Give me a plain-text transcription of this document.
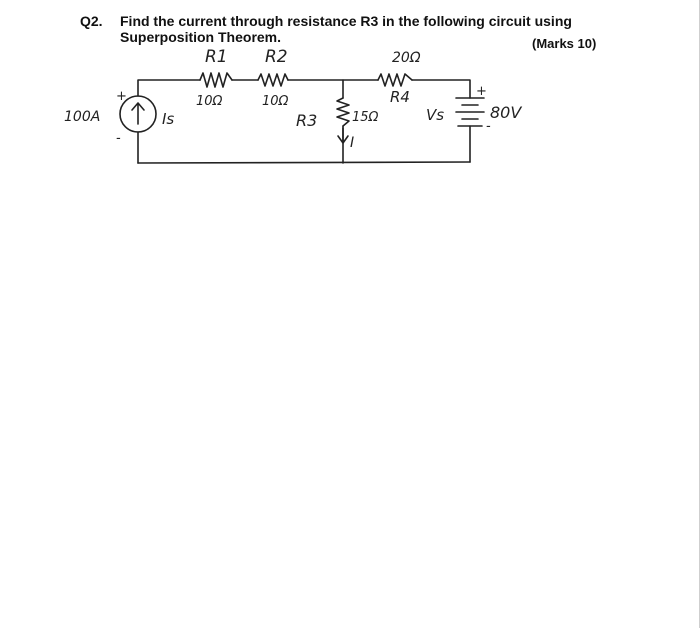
Q2. Find the current through resistance R3 in the following circuit using Superposition Theorem.	(Marks 10)
100A	Is
+
-
R1
10Ω
R2
10Ω
R3	15Ω
I
20Ω
R4
Vs	80V
+
-
